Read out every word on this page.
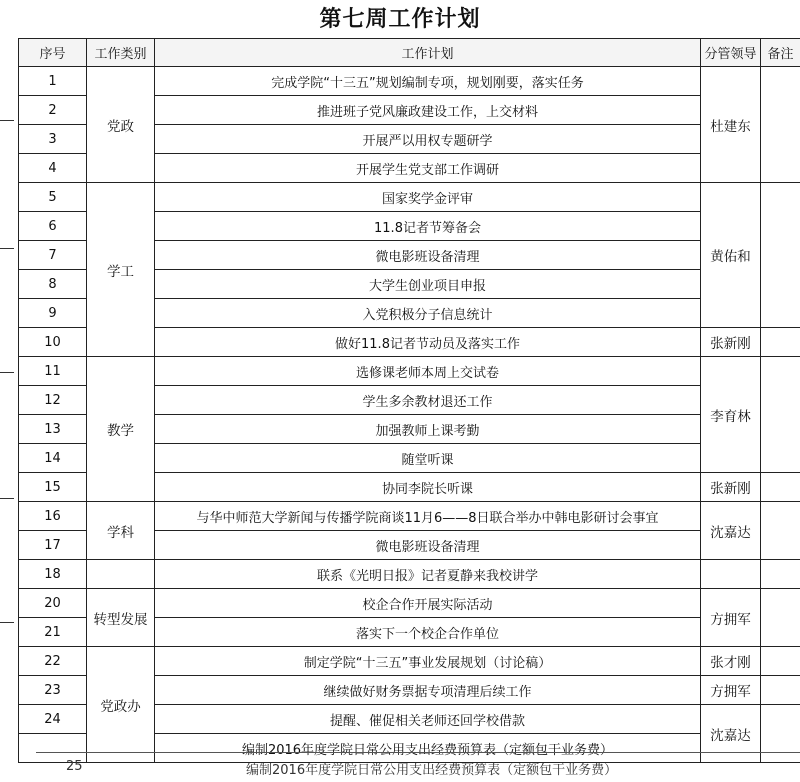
第七周工作计划
序号	工作类别	工作计划	分管领导	备注
1	党政	完成学院“十三五”规划编制专项，规划刚要，落实任务	杜建东	
2		推进班子党风廉政建设工作，上交材料		
3		开展严以用权专题研学		
4		开展学生党支部工作调研		
5	学工	国家奖学金评审	黄佑和	
6		11.8记者节筹备会		
7		微电影班设备清理		
8		大学生创业项目申报		
9		入党积极分子信息统计		
10		做好11.8记者节动员及落实工作	张新刚	
11	教学	选修课老师本周上交试卷	李育林	
12		学生多余教材退还工作		
13		加强教师上课考勤		
14		随堂听课		
15		协同李院长听课	张新刚	
16	学科	与华中师范大学新闻与传播学院商谈11月6——8日联合举办中韩电影研讨会事宜	沈嘉达	
17		微电影班设备清理		
18		联系《光明日报》记者夏静来我校讲学		
20	转型发展	校企合作开展实际活动	方拥军	
21		落实下一个校企合作单位		
22	党政办	制定学院“十三五”事业发展规划（讨论稿）	张才刚	
23		继续做好财务票据专项清理后续工作	方拥军	
24		提醒、催促相关老师还回学校借款	沈嘉达	
		编制2016年度学院日常公用支出经费预算表（定额包干业务费）		
25	编制2016年度学院日常公用支出经费预算表（定额包干业务费）
